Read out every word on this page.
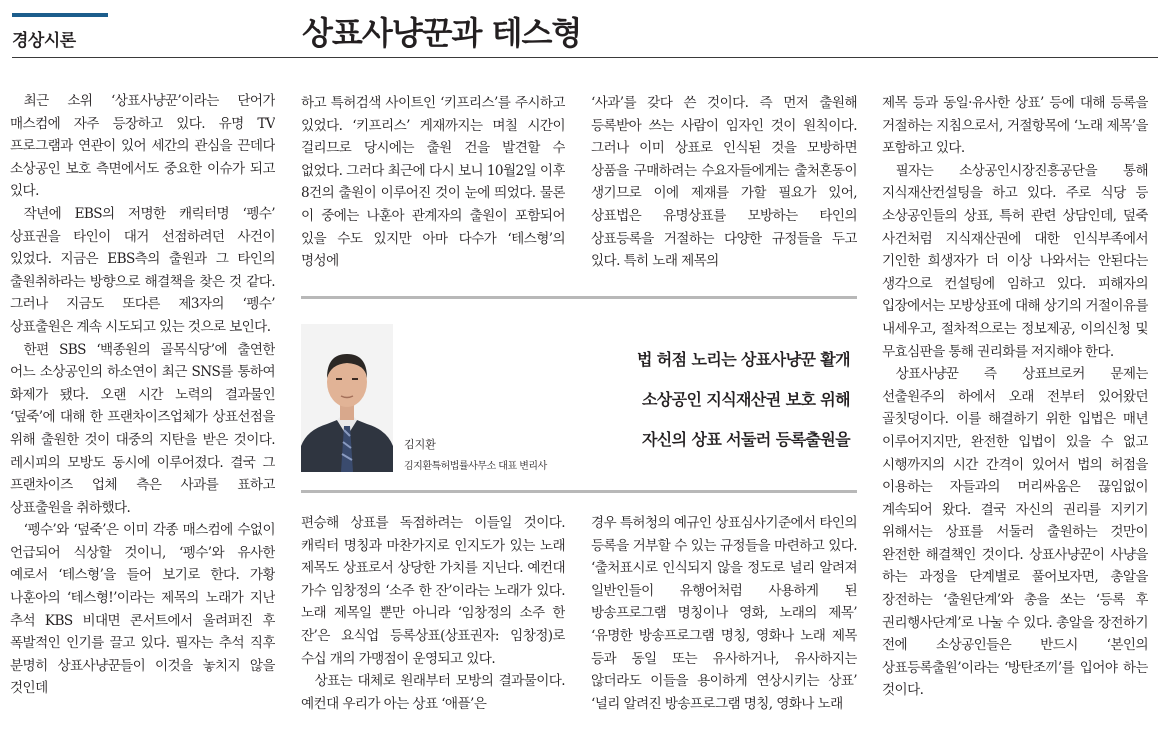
경상시론	상표사냥꾼과 테스형

최근 소위 ‘상표사냥꾼’이라는 단어가 매스컴에 자주 등장하고 있다. 유명 TV 프로그램과 연관이 있어 세간의 관심을 끈데다 소상공인 보호 측면에서도 중요한 이슈가 되고 있다.

작년에 EBS의 저명한 캐릭터명 ‘펭수’ 상표권을 타인이 대거 선점하려던 사건이 있었다. 지금은 EBS측의 출원과 그 타인의 출원취하라는 방향으로 해결책을 찾은 것 같다. 그러나 지금도 또다른 제3자의 ‘펭수’ 상표출원은 계속 시도되고 있는 것으로 보인다.

한편 SBS ‘백종원의 골목식당’에 출연한 어느 소상공인의 하소연이 최근 SNS를 통하여 화제가 됐다. 오랜 시간 노력의 결과물인 ‘덮죽’에 대해 한 프랜차이즈업체가 상표선점을 위해 출원한 것이 대중의 지탄을 받은 것이다. 레시피의 모방도 동시에 이루어졌다. 결국 그 프랜차이즈 업체 측은 사과를 표하고 상표출원을 취하했다.

‘펭수’와 ‘덮죽’은 이미 각종 매스컴에 수없이 언급되어 식상할 것이니, ‘펭수’와 유사한 예로서 ‘테스형’을 들어 보기로 한다. 가황 나훈아의 ‘테스형!’이라는 제목의 노래가 지난 추석 KBS 비대면 콘서트에서 울려퍼진 후 폭발적인 인기를 끌고 있다. 필자는 추석 직후 분명히 상표사냥꾼들이 이것을 놓치지 않을 것인데

하고 특허검색 사이트인 ‘키프리스’를 주시하고 있었다. ‘키프리스’ 게재까지는 며칠 시간이 걸리므로 당시에는 출원 건을 발견할 수 없었다. 그러다 최근에 다시 보니 10월2일 이후 8건의 출원이 이루어진 것이 눈에 띄었다. 물론 이 중에는 나훈아 관계자의 출원이 포함되어 있을 수도 있지만 아마 다수가 ‘테스형’의 명성에

‘사과’를 갖다 쓴 것이다. 즉 먼저 출원해 등록받아 쓰는 사람이 임자인 것이 원칙이다. 그러나 이미 상표로 인식된 것을 모방하면 상품을 구매하려는 수요자들에게는 출처혼동이 생기므로 이에 제재를 가할 필요가 있어, 상표법은 유명상표를 모방하는 타인의 상표등록을 거절하는 다양한 규정들을 두고 있다. 특히 노래 제목의

제목 등과 동일·유사한 상표’ 등에 대해 등록을 거절하는 지침으로서, 거절항목에 ‘노래 제목’을 포함하고 있다.

필자는 소상공인시장진흥공단을 통해 지식재산컨설팅을 하고 있다. 주로 식당 등 소상공인들의 상표, 특허 관련 상담인데, 덮죽 사건처럼 지식재산권에 대한 인식부족에서 기인한 희생자가 더 이상 나와서는 안된다는 생각으로 컨설팅에 임하고 있다. 피해자의 입장에서는 모방상표에 대해 상기의 거절이유를 내세우고, 절차적으로는 정보제공, 이의신청 및 무효심판을 통해 권리화를 저지해야 한다.

상표사냥꾼 즉 상표브로커 문제는 선출원주의 하에서 오래 전부터 있어왔던 골칫덩이다. 이를 해결하기 위한 입법은 매년 이루어지지만, 완전한 입법이 있을 수 없고 시행까지의 시간 간격이 있어서 법의 허점을 이용하는 자들과의 머리싸움은 끊임없이 계속되어 왔다. 결국 자신의 권리를 지키기 위해서는 상표를 서둘러 출원하는 것만이 완전한 해결책인 것이다. 상표사냥꾼이 사냥을 하는 과정을 단계별로 풀어보자면, 총알을 장전하는 ‘출원단계’와 총을 쏘는 ‘등록 후 권리행사단계’로 나눌 수 있다. 총알을 장전하기 전에 소상공인들은 반드시 ‘본인의 상표등록출원’이라는 ‘방탄조끼’를 입어야 하는 것이다.

김지환
김지환특허법률사무소 대표 변리사
법 허점 노리는 상표사냥꾼 활개
소상공인 지식재산권 보호 위해
자신의 상표 서둘러 등록출원을

편승해 상표를 독점하려는 이들일 것이다. 캐릭터 명칭과 마찬가지로 인지도가 있는 노래 제목도 상표로서 상당한 가치를 지닌다. 예컨대 가수 임창정의 ‘소주 한 잔’이라는 노래가 있다. 노래 제목일 뿐만 아니라 ‘임창정의 소주 한 잔’은 요식업 등록상표(상표권자: 임창정)로 수십 개의 가맹점이 운영되고 있다.

상표는 대체로 원래부터 모방의 결과물이다. 예컨대 우리가 아는 상표 ‘애플’은

경우 특허청의 예규인 상표심사기준에서 타인의 등록을 거부할 수 있는 규정들을 마련하고 있다. ‘출처표시로 인식되지 않을 정도로 널리 알려져 일반인들이 유행어처럼 사용하게 된 방송프로그램 명칭이나 영화, 노래의 제목’ ‘유명한 방송프로그램 명칭, 영화나 노래 제목 등과 동일 또는 유사하거나, 유사하지는 않더라도 이들을 용이하게 연상시키는 상표’ ‘널리 알려진 방송프로그램 명칭, 영화나 노래
